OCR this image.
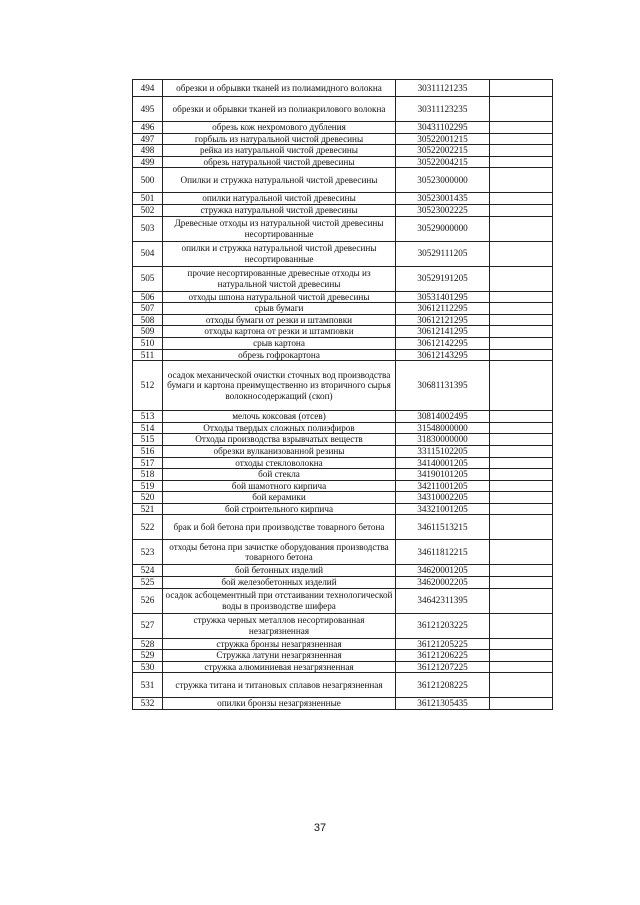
494	обрезки и обрывки тканей из полиамидного волокна	30311121235	
495	обрезки и обрывки тканей из полиакрилового волокна	30311123235	
496	обрезь кож нехромового дубления	30431102295	
497	горбыль из натуральной чистой древесины	30522001215	
498	рейка из натуральной чистой древесины	30522002215	
499	обрезь натуральной чистой древесины	30522004215	
500	Опилки и стружка натуральной чистой древесины	30523000000	
501	опилки натуральной чистой древесины	30523001435	
502	стружка натуральной чистой древесины	30523002225	
503	Древесные отходы из натуральной чистой древесины несортированные	30529000000	
504	опилки и стружка натуральной чистой древесины несортированные	30529111205	
505	прочие несортированные древесные отходы из натуральной чистой древесины	30529191205	
506	отходы шпона натуральной чистой древесины	30531401295	
507	срыв бумаги	30612112295	
508	отходы бумаги от резки и штамповки	30612121295	
509	отходы картона от резки и штамповки	30612141295	
510	срыв картона	30612142295	
511	обрезь гофрокартона	30612143295	
512	осадок механической очистки сточных вод производства бумаги и картона преимущественно из вторичного сырья волокносодержащий (скоп)	30681131395	
513	мелочь коксовая (отсев)	30814002495	
514	Отходы твердых сложных полиэфиров	31548000000	
515	Отходы производства взрывчатых веществ	31830000000	
516	обрезки вулканизованной резины	33115102205	
517	отходы стекловолокна	34140001205	
518	бой стекла	34190101205	
519	бой шамотного кирпича	34211001205	
520	бой керамики	34310002205	
521	бой строительного кирпича	34321001205	
522	брак и бой бетона при производстве товарного бетона	34611513215	
523	отходы бетона при зачистке оборудования производства товарного бетона	34611812215	
524	бой бетонных изделий	34620001205	
525	бой железобетонных изделий	34620002205	
526	осадок асбоцементный при отстаивании технологической воды в производстве шифера	34642311395	
527	стружка черных металлов несортированная незагрязненная	36121203225	
528	стружка бронзы незагрязненная	36121205225	
529	Стружка латуни незагрязненная	36121206225	
530	стружка алюминиевая незагрязненная	36121207225	
531	стружка титана и титановых сплавов незагрязненная	36121208225	
532	опилки бронзы незагрязненные	36121305435	
37
